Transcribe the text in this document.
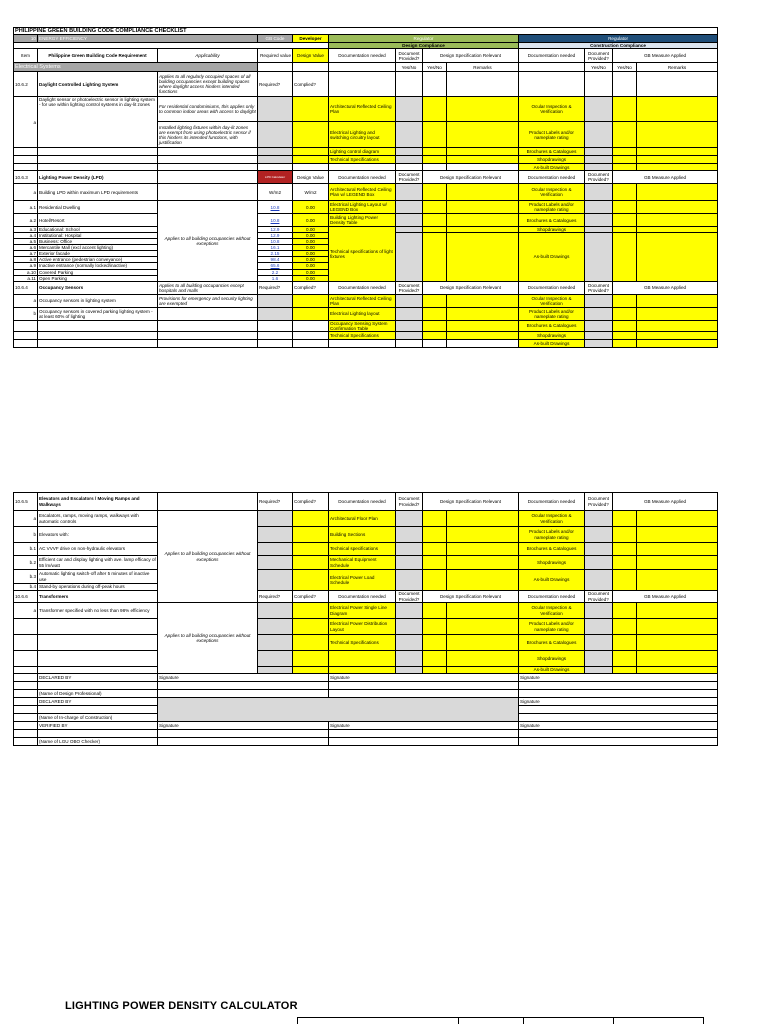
PHILIPPINE GREEN BUILDING CODE COMPLIANCE CHECKLIST												
10	ENERGY EFFICIENCY		GB Code	Developer	Regulator				Regulator			
					Design Compliance				Construction Compliance			
Item	Philippine Green Building Code Requirement	Applicability	Required value	Design Value	Documentation needed	Document Provided?	Design Specification Relevant		Documentation needed	Document Provided?	GB Measure Applied	
Electrical Systems						Yes/No	Yes/No	Remarks		Yes/No	Yes/No	Remarks
10.6.2	Daylight Controlled Lighting System	Applies to all regularly occupied spaces of all building occupancies except building spaces where daylight access hinders intended functions	Required?	Complied?								
a	Daylight sensor or photoelectric sensor in lighting system - for use within lighting control systems in day-lit zones	For residential condominiums, this applies only to common indoor areas with access to daylight			Architectural Reflected Ceiling Plan				Ocular Inspection & Verification			
		Installed lighting fixtures within day-lit zones are exempt from using photoelectric sensor if this hinders its intended functions, with justification			Electrical Lighting and switching circuitry layout				Product Labels and/or nameplate rating			
					Lighting control diagram				Brochures & Catalogues			
					Technical Specifications				Shopdrawings			
									As-built Drawings			
10.6.3	Lighting Power Density (LPD)		LPD Calculator	Design Value	Documentation needed	Document Provided?	Design Specification Relevant		Documentation needed	Document Provided?	GB Measure Applied	
a	Building LPD within maximum LPD requirements		W/m2	W/m2	Architectural Reflected Ceiling Plan w/ LEGEND Box				Ocular Inspection & Verification			
a.1	Residential Dwelling	Applies to all building occupancies without exceptions	10.8	0.00	Electrical Lighting Layout w/ LEGEND Box				Product Labels and/or nameplate rating			
a.2	Hotel/Resort		10.8	0.00	Building Lighting Power Density Table				Brochures & Catalogues			
a.3	Educational: School		12.9	0.00	Technical specifications of light fixtures				Shopdrawings			
a.4	Institutional: Hospital		12.9	0.00					As-built Drawings			
a.5	Business: Office		10.8	0.00								
a.6	Mercantile Mall (excl accent lighting)		16.1	0.00								
a.7	Exterior facade		2.15	0.00								
a.8	Active entrance (pedestrian conveyance)		98.4	0.00								
a.9	Inactive entrance (normally locked/inactive)		65.6	0.00								
a.10	Covered Parking		2.2	0.00								
a.11	Open Parking		1.6	0.00								
10.6.4	Occupancy Sensors	Applies to all building occupancies except hospitals and malls	Required?	Complied?	Documentation needed	Document Provided?	Design Specification Relevant		Documentation needed	Document Provided?	GB Measure Applied	
a	Occupancy sensors in lighting system	Provisions for emergency and security lighting are exempted			Architectural Reflected Ceiling Plan				Ocular Inspection & Verification			
b	Occupancy sensors in covered parking lighting system - at least 60% of lighting				Electrical Lighting layout				Product Labels and/or nameplate rating			
					Occupancy Sensing System Confirmation Table				Brochures & Catalogues			
					Technical Specifications				Shopdrawings			
									As-built Drawings			
10.6.5	Elevators and Escalators / Moving Ramps and Walkways		Required?	Complied?	Documentation needed	Document Provided?	Design Specification Relevant		Documentation needed	Document Provided?	GB Measure Applied	
a	Escalators, ramps, moving ramps, walkways with automatic controls	Applies to all building occupancies without exceptions			Architectural Floor Plan				Ocular Inspection & Verification			
b	Elevators with:				Building Sections				Product Labels and/or nameplate rating			
b.1	AC VVVF drive on non-hydraulic elevators				Technical specifications				Brochures & Catalogues			
b.2	Efficient car and display lighting with ave. lamp efficacy of 55 lm/watt				Mechanical Equipment Schedule				Shopdrawings			
b.3	Automatic lighting switch-off after 5 minutes of inactive use				Electrical Power Load Schedule				As-built Drawings			
b.4	Stand-by operations during off-peak hours											
10.6.6	Transformers		Required?	Complied?	Documentation needed	Document Provided?	Design Specification Relevant		Documentation needed	Document Provided?	GB Measure Applied	
a	Transformer specified with no less than 98% efficiency	Applies to all building occupancies without exceptions			Electrical Power Single Line Diagram				Ocular Inspection & Verification			
					Electrical Power Distribution Layout				Product Labels and/or nameplate rating			
					Technical Specifications				Brochures & Catalogues			
									Shopdrawings			
									As-built Drawings			
	DECLARED BY	Signature			Signature				Signature			

	(Name of Design Professional)											
	DECLARED BY								Signature			

	(Name of In-charge of Construction)											
	VERIFIED BY	Signature			Signature				Signature			

	(Name of LGU OBO Checker)											
LIGHTING POWER DENSITY CALCULATOR
